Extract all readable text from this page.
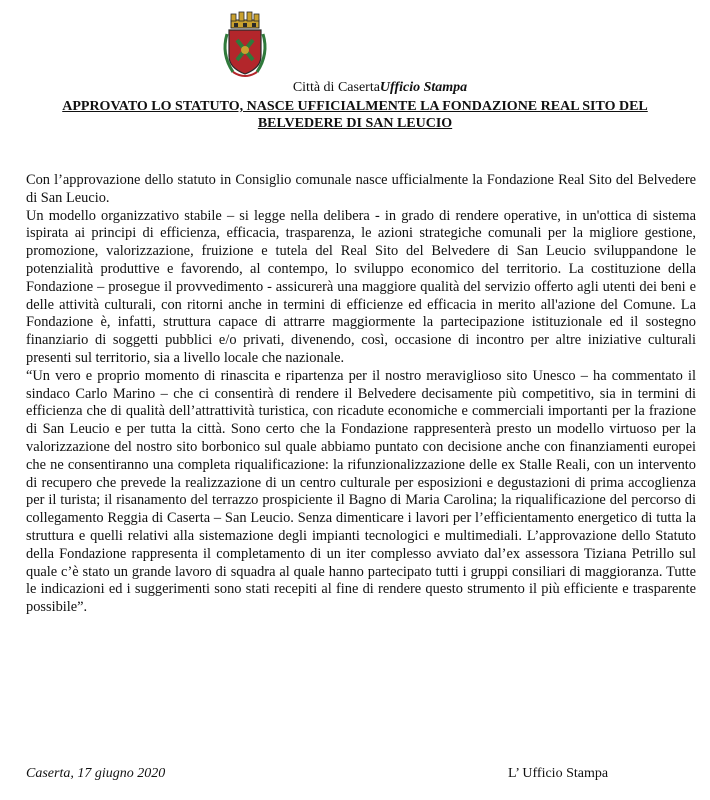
Città di CasertaUfficio Stampa
APPROVATO LO STATUTO, NASCE UFFICIALMENTE LA FONDAZIONE REAL SITO DEL
BELVEDERE DI SAN LEUCIO

Con l’approvazione dello statuto in Consiglio comunale nasce ufficialmente la Fondazione Real Sito del Belvedere di San Leucio.

Un modello organizzativo stabile – si legge nella delibera - in grado di rendere operative, in un'ottica di sistema ispirata ai principi di efficienza, efficacia, trasparenza, le azioni strategiche comunali per la migliore gestione, promozione, valorizzazione, fruizione e tutela del Real Sito del Belvedere di San Leucio sviluppandone le potenzialità produttive e favorendo, al contempo, lo sviluppo economico del territorio. La costituzione della Fondazione – prosegue il provvedimento - assicurerà una maggiore qualità del servizio offerto agli utenti dei beni e delle attività culturali, con ritorni anche in termini di efficienze ed efficacia in merito all'azione del Comune. La Fondazione è, infatti, struttura capace di attrarre maggiormente la partecipazione istituzionale ed il sostegno finanziario di soggetti pubblici e/o privati, divenendo, così, occasione di incontro per altre iniziative culturali presenti sul territorio, sia a livello locale che nazionale.

“Un vero e proprio momento di rinascita e ripartenza per il nostro meraviglioso sito Unesco – ha commentato il sindaco Carlo Marino – che ci consentirà di rendere il Belvedere decisamente più competitivo, sia in termini di efficienza che di qualità dell’attrattività turistica, con ricadute economiche e commerciali importanti per la frazione di San Leucio e per tutta la città. Sono certo che la Fondazione rappresenterà presto un modello virtuoso per la valorizzazione del nostro sito borbonico sul quale abbiamo puntato con decisione anche con finanziamenti europei che ne consentiranno una completa riqualificazione: la rifunzionalizzazione delle ex Stalle Reali, con un intervento di recupero che prevede la realizzazione di un centro culturale per esposizioni e degustazioni di prima accoglienza per il turista; il risanamento del terrazzo prospiciente il Bagno di Maria Carolina; la riqualificazione del percorso di collegamento Reggia di Caserta – San Leucio. Senza dimenticare i lavori per l’efficientamento energetico di tutta la struttura e quelli relativi alla sistemazione degli impianti tecnologici e multimediali. L’approvazione dello Statuto della Fondazione rappresenta il completamento di un iter complesso avviato dal’ex assessora Tiziana Petrillo sul quale c’è stato un grande lavoro di squadra al quale hanno partecipato tutti i gruppi consiliari di maggioranza. Tutte le indicazioni ed i suggerimenti sono stati recepiti al fine di rendere questo strumento il più efficiente e trasparente possibile”.

Caserta, 17 giugno 2020	L’ Ufficio Stampa
